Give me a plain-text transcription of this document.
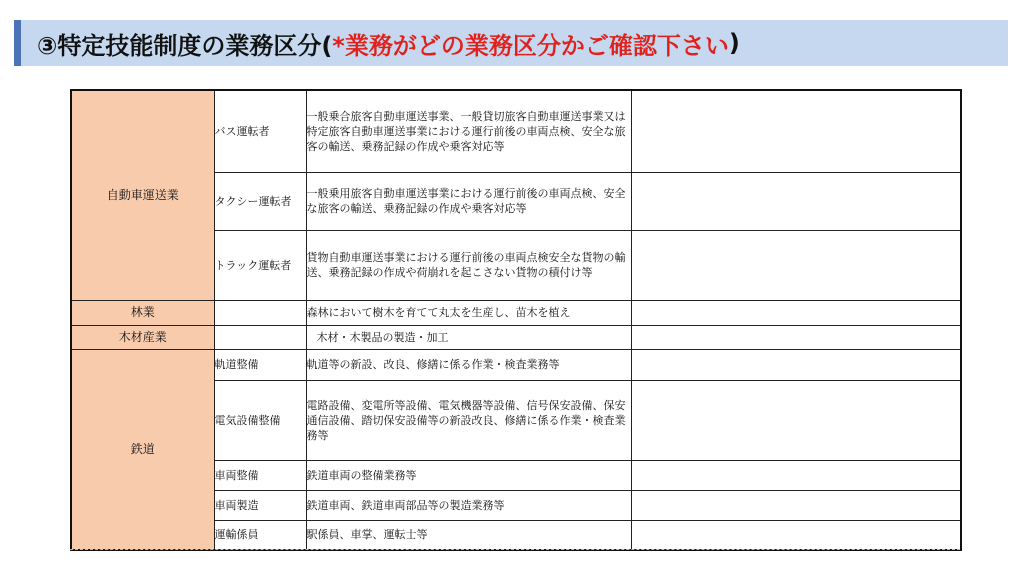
③特定技能制度の業務区分( *業務がどの業務区分かご確認下さい )
自動車運送業	バス運転者	一般乗合旅客自動車運送事業、一般貸切旅客自動車運送事業又は特定旅客自動車運送事業における運行前後の車両点検、安全な旅客の輸送、乗務記録の作成や乗客対応等	
	タクシー運転者	一般乗用旅客自動車運送事業における運行前後の車両点検、安全な旅客の輸送、乗務記録の作成や乗客対応等	
	トラック運転者	貨物自動車運送事業における運行前後の車両点検安全な貨物の輸送、乗務記録の作成や荷崩れを起こさない貨物の積付け等	
林業		森林において樹木を育てて丸太を生産し、苗木を植え	
木材産業		木材・木製品の製造・加工	
鉄道	軌道整備	軌道等の新設、改良、修繕に係る作業・検査業務等	
	電気設備整備	電路設備、変電所等設備、電気機器等設備、信号保安設備、保安通信設備、踏切保安設備等の新設改良、修繕に係る作業・検査業務等	
	車両整備	鉄道車両の整備業務等	
	車両製造	鉄道車両、鉄道車両部品等の製造業務等	
	運輸係員	駅係員、車掌、運転士等	
